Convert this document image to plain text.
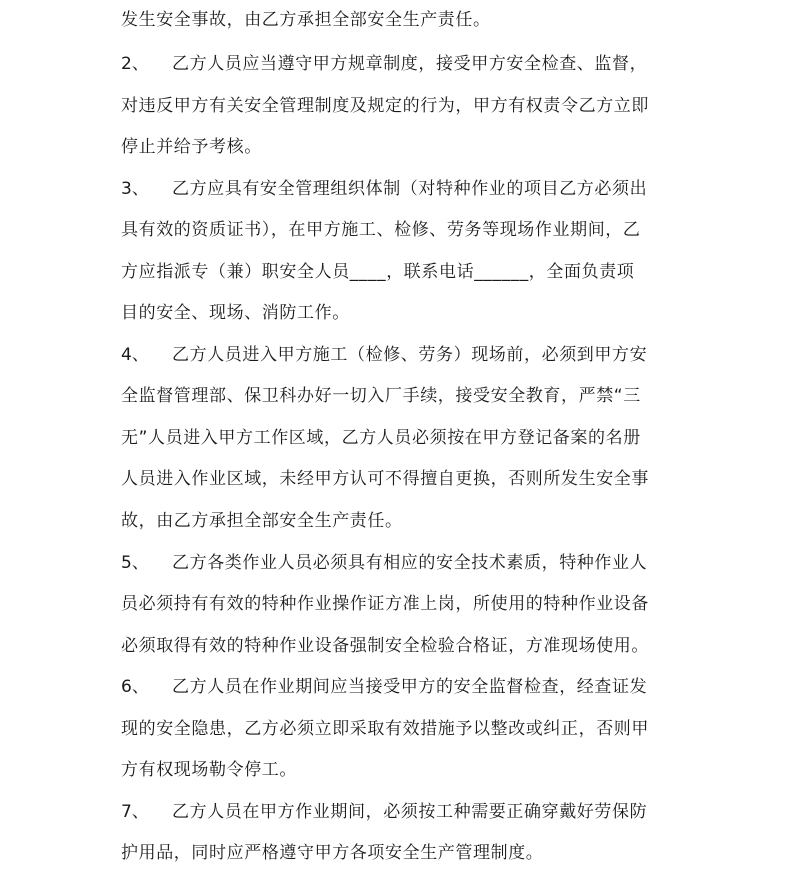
发生安全事故，由乙方承担全部安全生产责任。
2、 乙方人员应当遵守甲方规章制度，接受甲方安全检查、监督，
对违反甲方有关安全管理制度及规定的行为，甲方有权责令乙方立即
停止并给予考核。
3、 乙方应具有安全管理组织体制（对特种作业的项目乙方必须出
具有效的资质证书），在甲方施工、检修、劳务等现场作业期间，乙
方应指派专（兼）职安全人员____，联系电话______，全面负责项
目的安全、现场、消防工作。
4、 乙方人员进入甲方施工（检修、劳务）现场前，必须到甲方安
全监督管理部、保卫科办好一切入厂手续，接受安全教育，严禁“三
无”人员进入甲方工作区域，乙方人员必须按在甲方登记备案的名册
人员进入作业区域，未经甲方认可不得擅自更换，否则所发生安全事
故，由乙方承担全部安全生产责任。
5、 乙方各类作业人员必须具有相应的安全技术素质，特种作业人
员必须持有有效的特种作业操作证方准上岗，所使用的特种作业设备
必须取得有效的特种作业设备强制安全检验合格证，方准现场使用。
6、 乙方人员在作业期间应当接受甲方的安全监督检查，经查证发
现的安全隐患，乙方必须立即采取有效措施予以整改或纠正，否则甲
方有权现场勒令停工。
7、 乙方人员在甲方作业期间，必须按工种需要正确穿戴好劳保防
护用品，同时应严格遵守甲方各项安全生产管理制度。
